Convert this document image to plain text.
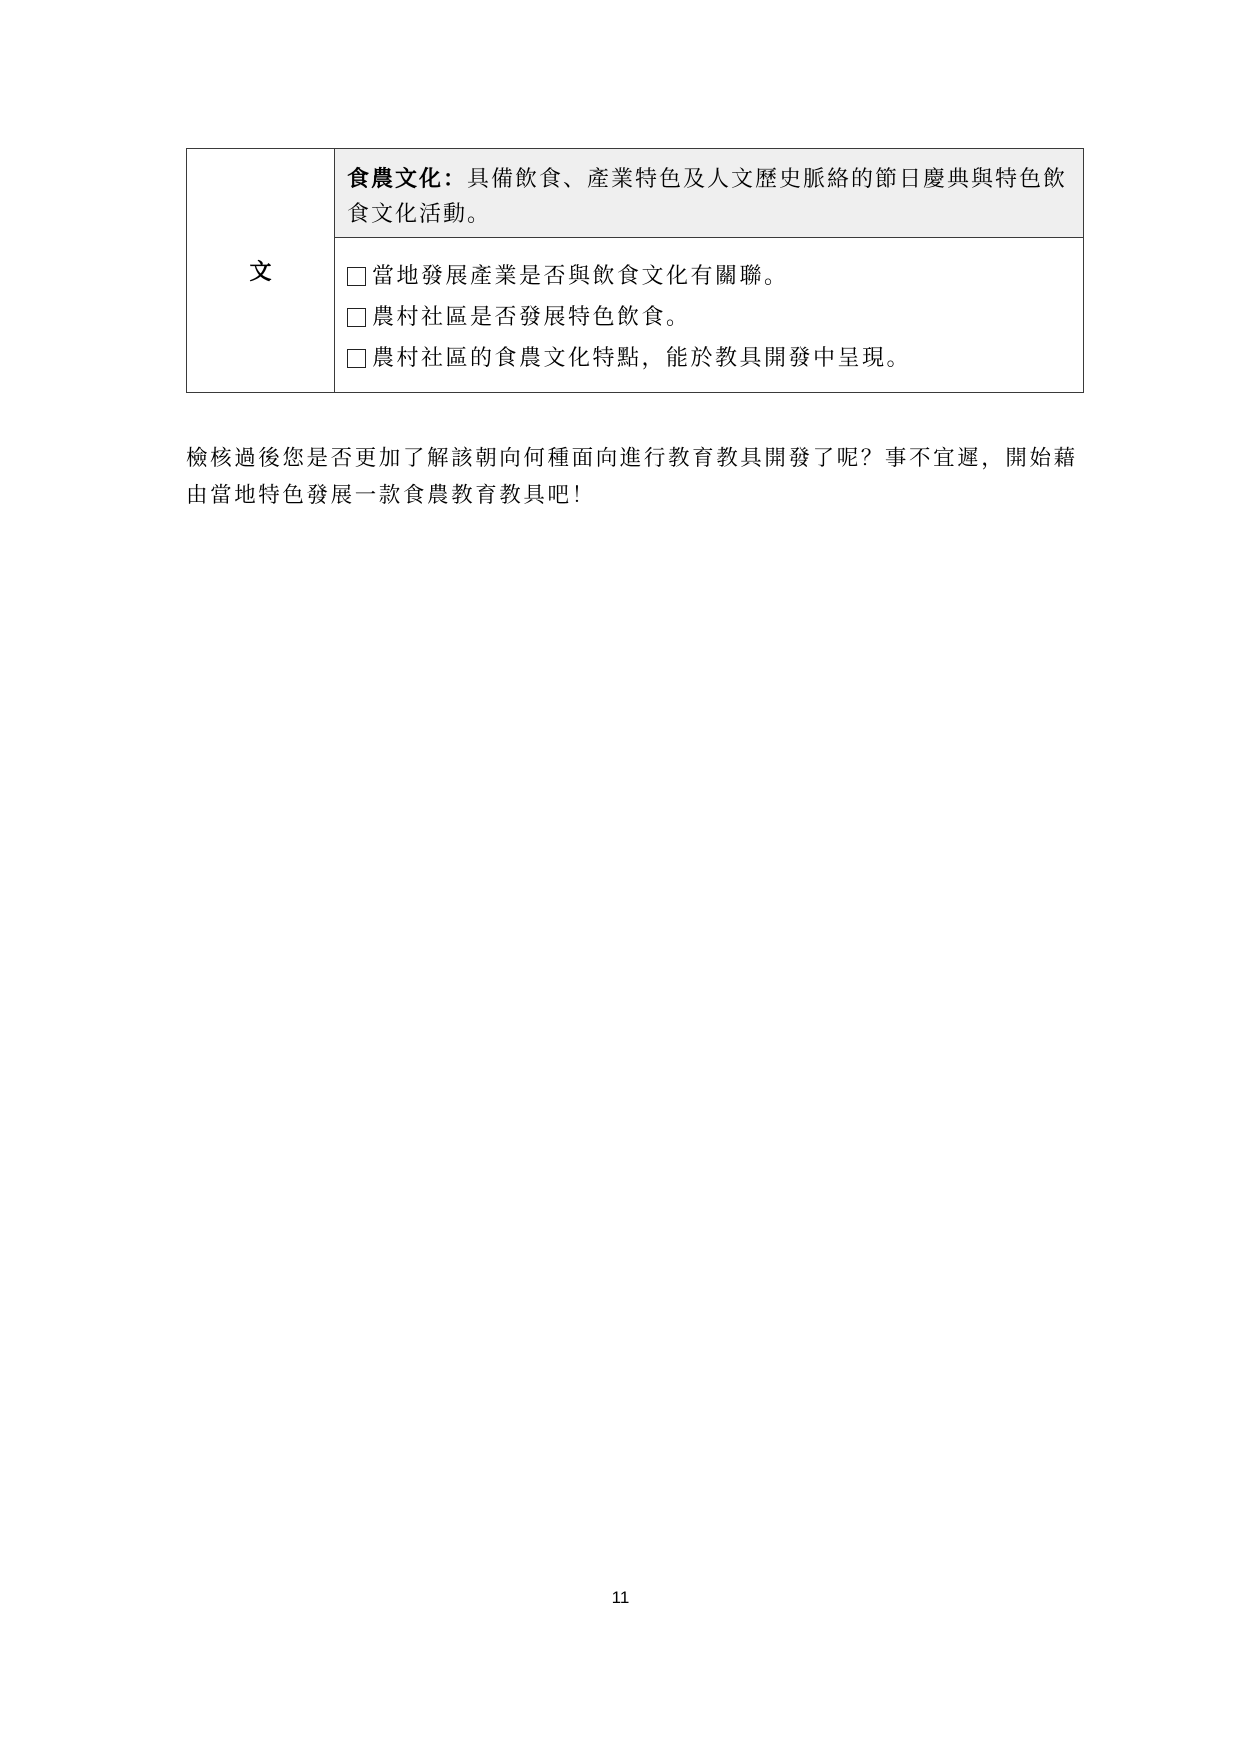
文	
食農文化：具備飲食、產業特色及人文歷史脈絡的節日慶典與特色飲食文化活動。

當地發展產業是否與飲食文化有關聯。
農村社區是否發展特色飲食。
農村社區的食農文化特點，能於教具開發中呈現。
檢核過後您是否更加了解該朝向何種面向進行教育教具開發了呢？事不宜遲，開始藉由當地特色發展一款食農教育教具吧！
11
